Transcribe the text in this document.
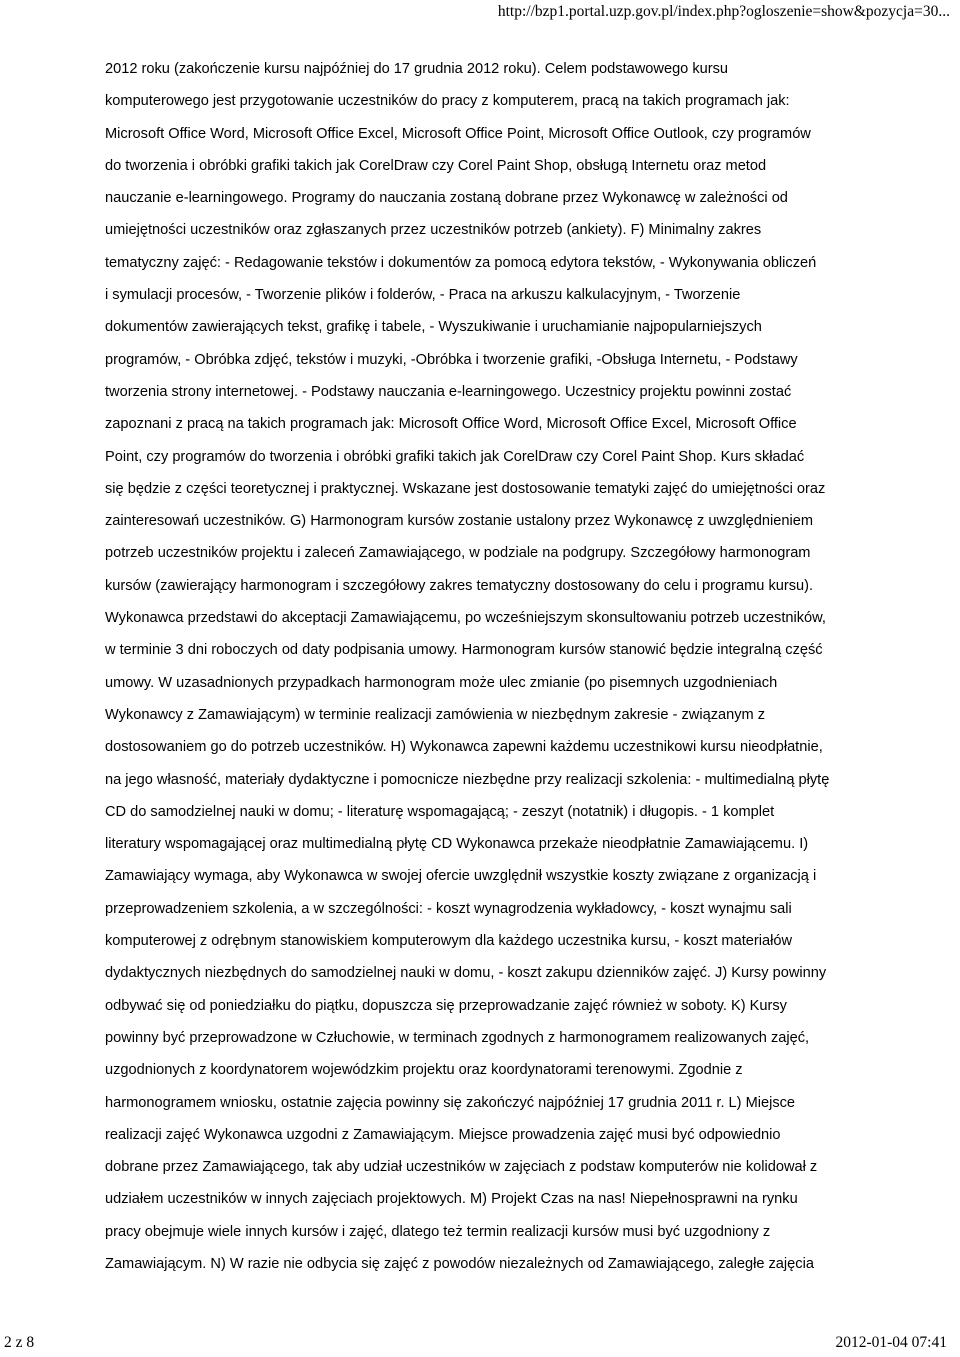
http://bzp1.portal.uzp.gov.pl/index.php?ogloszenie=show&pozycja=30...
2012 roku (zakończenie kursu najpóźniej do 17 grudnia 2012 roku). Celem podstawowego kursu
komputerowego jest przygotowanie uczestników do pracy z komputerem, pracą na takich programach jak:
Microsoft Office Word, Microsoft Office Excel, Microsoft Office Point, Microsoft Office Outlook, czy programów
do tworzenia i obróbki grafiki takich jak CorelDraw czy Corel Paint Shop, obsługą Internetu oraz metod
nauczanie e-learningowego. Programy do nauczania zostaną dobrane przez Wykonawcę w zależności od
umiejętności uczestników oraz zgłaszanych przez uczestników potrzeb (ankiety). F) Minimalny zakres
tematyczny zajęć: - Redagowanie tekstów i dokumentów za pomocą edytora tekstów, - Wykonywania obliczeń
i symulacji procesów, - Tworzenie plików i folderów, - Praca na arkuszu kalkulacyjnym, - Tworzenie
dokumentów zawierających tekst, grafikę i tabele, - Wyszukiwanie i uruchamianie najpopularniejszych
programów, - Obróbka zdjęć, tekstów i muzyki, -Obróbka i tworzenie grafiki, -Obsługa Internetu, - Podstawy
tworzenia strony internetowej. - Podstawy nauczania e-learningowego. Uczestnicy projektu powinni zostać
zapoznani z pracą na takich programach jak: Microsoft Office Word, Microsoft Office Excel, Microsoft Office
Point, czy programów do tworzenia i obróbki grafiki takich jak CorelDraw czy Corel Paint Shop. Kurs składać
się będzie z części teoretycznej i praktycznej. Wskazane jest dostosowanie tematyki zajęć do umiejętności oraz
zainteresowań uczestników. G) Harmonogram kursów zostanie ustalony przez Wykonawcę z uwzględnieniem
potrzeb uczestników projektu i zaleceń Zamawiającego, w podziale na podgrupy. Szczegółowy harmonogram
kursów (zawierający harmonogram i szczegółowy zakres tematyczny dostosowany do celu i programu kursu).
Wykonawca przedstawi do akceptacji Zamawiającemu, po wcześniejszym skonsultowaniu potrzeb uczestników,
w terminie 3 dni roboczych od daty podpisania umowy. Harmonogram kursów stanowić będzie integralną część
umowy. W uzasadnionych przypadkach harmonogram może ulec zmianie (po pisemnych uzgodnieniach
Wykonawcy z Zamawiającym) w terminie realizacji zamówienia w niezbędnym zakresie - związanym z
dostosowaniem go do potrzeb uczestników. H) Wykonawca zapewni każdemu uczestnikowi kursu nieodpłatnie,
na jego własność, materiały dydaktyczne i pomocnicze niezbędne przy realizacji szkolenia: - multimedialną płytę
CD do samodzielnej nauki w domu; - literaturę wspomagającą; - zeszyt (notatnik) i długopis. - 1 komplet
literatury wspomagającej oraz multimedialną płytę CD Wykonawca przekaże nieodpłatnie Zamawiającemu. I)
Zamawiający wymaga, aby Wykonawca w swojej ofercie uwzględnił wszystkie koszty związane z organizacją i
przeprowadzeniem szkolenia, a w szczególności: - koszt wynagrodzenia wykładowcy, - koszt wynajmu sali
komputerowej z odrębnym stanowiskiem komputerowym dla każdego uczestnika kursu, - koszt materiałów
dydaktycznych niezbędnych do samodzielnej nauki w domu, - koszt zakupu dzienników zajęć. J) Kursy powinny
odbywać się od poniedziałku do piątku, dopuszcza się przeprowadzanie zajęć również w soboty. K) Kursy
powinny być przeprowadzone w Człuchowie, w terminach zgodnych z harmonogramem realizowanych zajęć,
uzgodnionych z koordynatorem wojewódzkim projektu oraz koordynatorami terenowymi. Zgodnie z
harmonogramem wniosku, ostatnie zajęcia powinny się zakończyć najpóźniej 17 grudnia 2011 r. L) Miejsce
realizacji zajęć Wykonawca uzgodni z Zamawiającym. Miejsce prowadzenia zajęć musi być odpowiednio
dobrane przez Zamawiającego, tak aby udział uczestników w zajęciach z podstaw komputerów nie kolidował z
udziałem uczestników w innych zajęciach projektowych. M) Projekt Czas na nas! Niepełnosprawni na rynku
pracy obejmuje wiele innych kursów i zajęć, dlatego też termin realizacji kursów musi być uzgodniony z
Zamawiającym. N) W razie nie odbycia się zajęć z powodów niezależnych od Zamawiającego, zaległe zajęcia
2 z 8	2012-01-04 07:41
